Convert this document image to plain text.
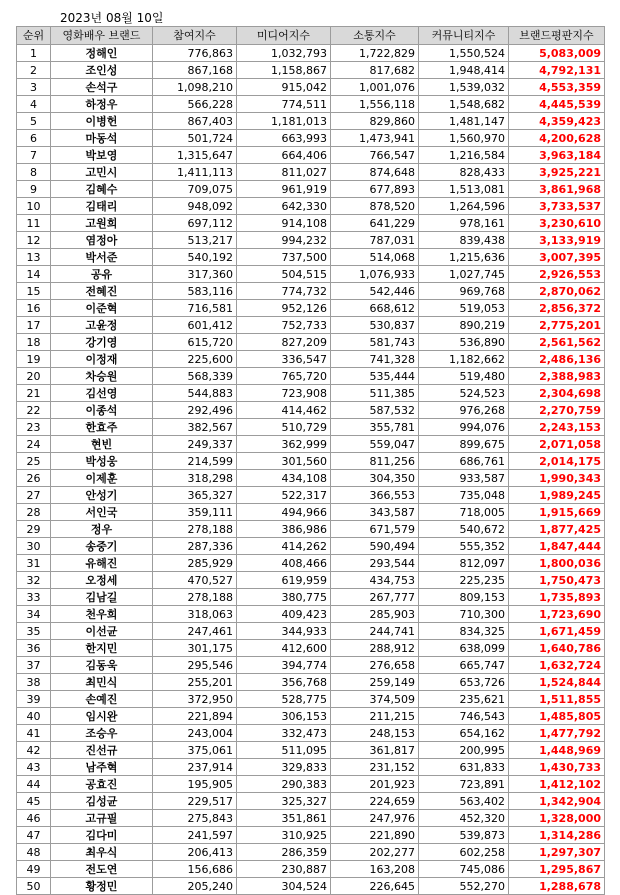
2023년 08월 10일
순위	영화배우 브랜드	참여지수	미디어지수	소통지수	커뮤니티지수	브랜드평판지수
1	정해인	776,863	1,032,793	1,722,829	1,550,524	5,083,009
2	조인성	867,168	1,158,867	817,682	1,948,414	4,792,131
3	손석구	1,098,210	915,042	1,001,076	1,539,032	4,553,359
4	하정우	566,228	774,511	1,556,118	1,548,682	4,445,539
5	이병헌	867,403	1,181,013	829,860	1,481,147	4,359,423
6	마동석	501,724	663,993	1,473,941	1,560,970	4,200,628
7	박보영	1,315,647	664,406	766,547	1,216,584	3,963,184
8	고민시	1,411,113	811,027	874,648	828,433	3,925,221
9	김혜수	709,075	961,919	677,893	1,513,081	3,861,968
10	김태리	948,092	642,330	878,520	1,264,596	3,733,537
11	고원희	697,112	914,108	641,229	978,161	3,230,610
12	염정아	513,217	994,232	787,031	839,438	3,133,919
13	박서준	540,192	737,500	514,068	1,215,636	3,007,395
14	공유	317,360	504,515	1,076,933	1,027,745	2,926,553
15	전혜진	583,116	774,732	542,446	969,768	2,870,062
16	이준혁	716,581	952,126	668,612	519,053	2,856,372
17	고윤정	601,412	752,733	530,837	890,219	2,775,201
18	강기영	615,720	827,209	581,743	536,890	2,561,562
19	이정재	225,600	336,547	741,328	1,182,662	2,486,136
20	차승원	568,339	765,720	535,444	519,480	2,388,983
21	김선영	544,883	723,908	511,385	524,523	2,304,698
22	이종석	292,496	414,462	587,532	976,268	2,270,759
23	한효주	382,567	510,729	355,781	994,076	2,243,153
24	현빈	249,337	362,999	559,047	899,675	2,071,058
25	박성웅	214,599	301,560	811,256	686,761	2,014,175
26	이제훈	318,298	434,108	304,350	933,587	1,990,343
27	안성기	365,327	522,317	366,553	735,048	1,989,245
28	서인국	359,111	494,966	343,587	718,005	1,915,669
29	정우	278,188	386,986	671,579	540,672	1,877,425
30	송중기	287,336	414,262	590,494	555,352	1,847,444
31	유해진	285,929	408,466	293,544	812,097	1,800,036
32	오정세	470,527	619,959	434,753	225,235	1,750,473
33	김남길	278,188	380,775	267,777	809,153	1,735,893
34	천우희	318,063	409,423	285,903	710,300	1,723,690
35	이선균	247,461	344,933	244,741	834,325	1,671,459
36	한지민	301,175	412,600	288,912	638,099	1,640,786
37	김동욱	295,546	394,774	276,658	665,747	1,632,724
38	최민식	255,201	356,768	259,149	653,726	1,524,844
39	손예진	372,950	528,775	374,509	235,621	1,511,855
40	임시완	221,894	306,153	211,215	746,543	1,485,805
41	조승우	243,004	332,473	248,153	654,162	1,477,792
42	진선규	375,061	511,095	361,817	200,995	1,448,969
43	남주혁	237,914	329,833	231,152	631,833	1,430,733
44	공효진	195,905	290,383	201,923	723,891	1,412,102
45	김성균	229,517	325,327	224,659	563,402	1,342,904
46	고규필	275,843	351,861	247,976	452,320	1,328,000
47	김다미	241,597	310,925	221,890	539,873	1,314,286
48	최우식	206,413	286,359	202,277	602,258	1,297,307
49	전도연	156,686	230,887	163,208	745,086	1,295,867
50	황정민	205,240	304,524	226,645	552,270	1,288,678
